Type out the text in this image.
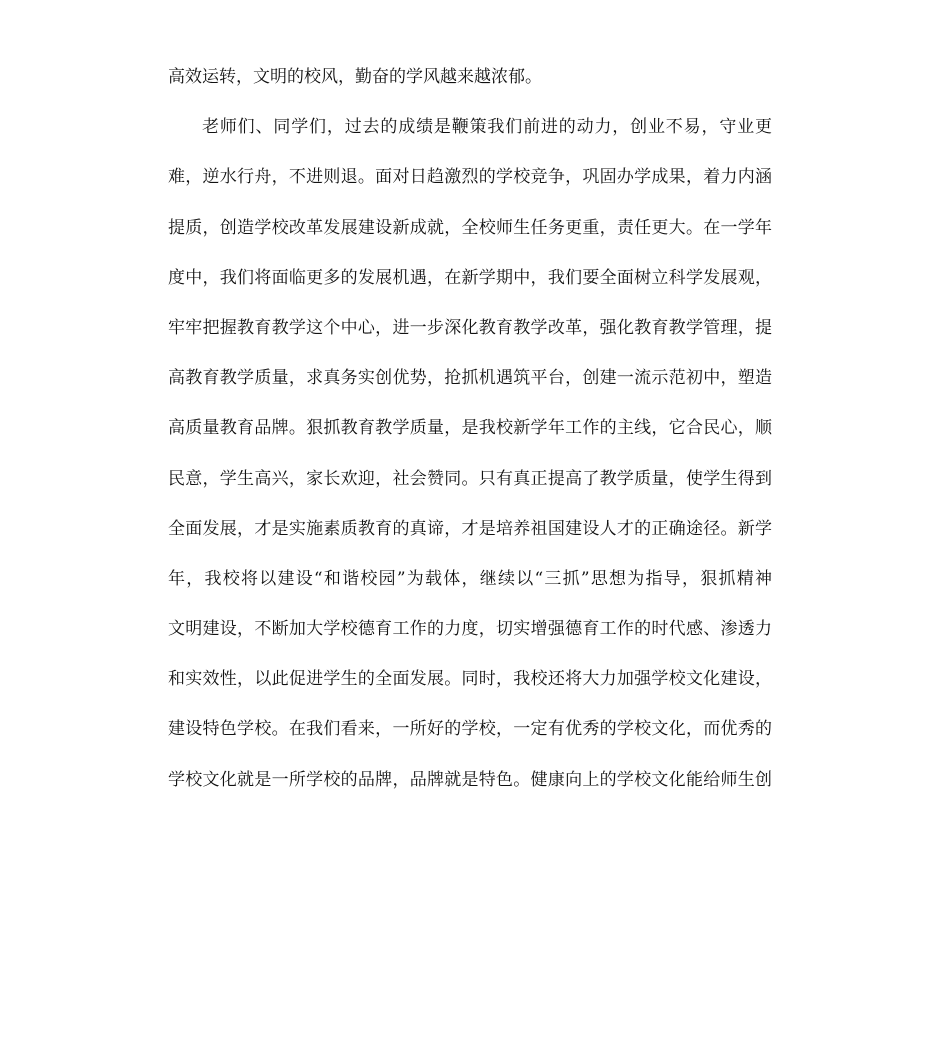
高效运转，文明的校风，勤奋的学风越来越浓郁。
老师们、同学们，过去的成绩是鞭策我们前进的动力，创业不易，守业更
难，逆水行舟，不进则退。面对日趋激烈的学校竞争，巩固办学成果，着力内涵
提质，创造学校改革发展建设新成就，全校师生任务更重，责任更大。在一学年
度中，我们将面临更多的发展机遇，在新学期中，我们要全面树立科学发展观，
牢牢把握教育教学这个中心，进一步深化教育教学改革，强化教育教学管理，提
高教育教学质量，求真务实创优势，抢抓机遇筑平台，创建一流示范初中，塑造
高质量教育品牌。狠抓教育教学质量，是我校新学年工作的主线，它合民心，顺
民意，学生高兴，家长欢迎，社会赞同。只有真正提高了教学质量，使学生得到
全面发展，才是实施素质教育的真谛，才是培养祖国建设人才的正确途径。新学
年，我校将以建设“和谐校园”为载体，继续以“三抓”思想为指导，狠抓精神
文明建设，不断加大学校德育工作的力度，切实增强德育工作的时代感、渗透力
和实效性，以此促进学生的全面发展。同时，我校还将大力加强学校文化建设，
建设特色学校。在我们看来，一所好的学校，一定有优秀的学校文化，而优秀的
学校文化就是一所学校的品牌，品牌就是特色。健康向上的学校文化能给师生创
